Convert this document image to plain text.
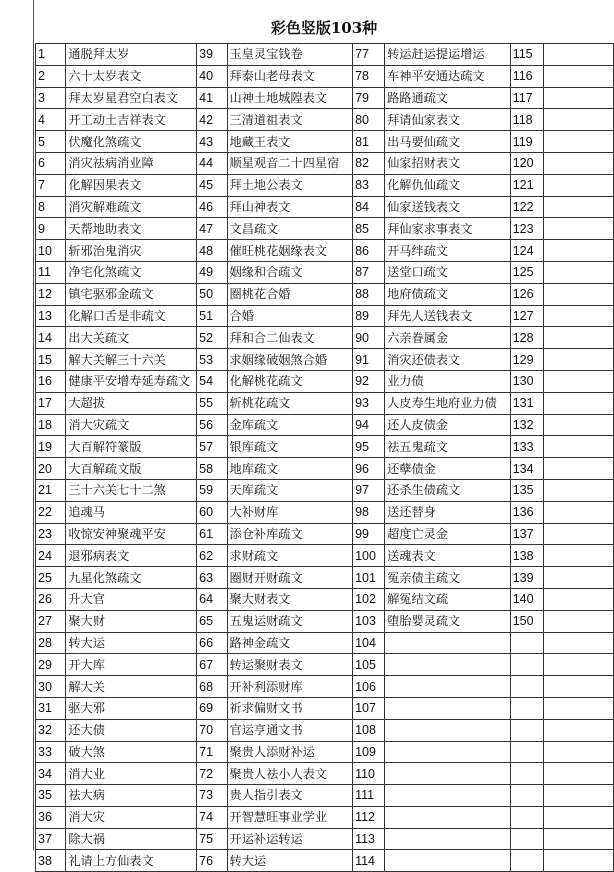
彩色竖版103种
1	通脱拜太岁	39	玉皇灵宝钱卷	77	转运赶运提运增运	115	
2	六十太岁表文	40	拜泰山老母表文	78	车神平安通达疏文	116	
3	拜太岁星君空白表文	41	山神土地城隍表文	79	路路通疏文	117	
4	开工动土吉祥表文	42	三清道祖表文	80	拜请仙家表文	118	
5	伏魔化煞疏文	43	地藏王表文	81	出马要仙疏文	119	
6	消灾祛病消业障	44	顺星观音二十四星宿	82	仙家招财表文	120	
7	化解因果表文	45	拜土地公表文	83	化解仇仙疏文	121	
8	消灾解难疏文	46	拜山神表文	84	仙家送钱表文	122	
9	天帮地助表文	47	文昌疏文	85	拜仙家求事表文	123	
10	斩邪治鬼消灾	48	催旺桃花姻缘表文	86	开马绊疏文	124	
11	净宅化煞疏文	49	姻缘和合疏文	87	送堂口疏文	125	
12	镇宅驱邪金疏文	50	圈桃花合婚	88	地府债疏文	126	
13	化解口舌是非疏文	51	合婚	89	拜先人送钱表文	127	
14	出大关疏文	52	拜和合二仙表文	90	六亲眷属金	128	
15	解大关解三十六关	53	求姻缘破姻煞合婚	91	消灾还债表文	129	
16	健康平安增寿延寿疏文	54	化解桃花疏文	92	业力债	130	
17	大超拔	55	斩桃花疏文	93	人皮寿生地府业力债	131	
18	消大灾疏文	56	金库疏文	94	还人皮债金	132	
19	大百解符篆版	57	银库疏文	95	祛五鬼疏文	133	
20	大百解疏文版	58	地库疏文	96	还孽债金	134	
21	三十六关七十二煞	59	天库疏文	97	还杀生债疏文	135	
22	追魂马	60	大补财库	98	送还替身	136	
23	收惊安神聚魂平安	61	添仓补库疏文	99	超度亡灵金	137	
24	退邪病表文	62	求财疏文	100	送魂表文	138	
25	九星化煞疏文	63	圈财开财疏文	101	冤亲债主疏文	139	
26	升大官	64	聚大财表文	102	解冤结文疏	140	
27	聚大财	65	五鬼运财疏文	103	堕胎婴灵疏文	150	
28	转大运	66	路神金疏文	104			
29	开大库	67	转运聚财表文	105			
30	解大关	68	开补利添财库	106			
31	驱大邪	69	祈求偏财文书	107			
32	还大债	70	官运亨通文书	108			
33	破大煞	71	聚贵人添财补运	109			
34	消大业	72	聚贵人祛小人表文	110			
35	祛大病	73	贵人指引表文	111			
36	消大灾	74	开智慧旺事业学业	112			
37	除大祸	75	开运补运转运	113			
38	礼请上方仙表文	76	转大运	114			
